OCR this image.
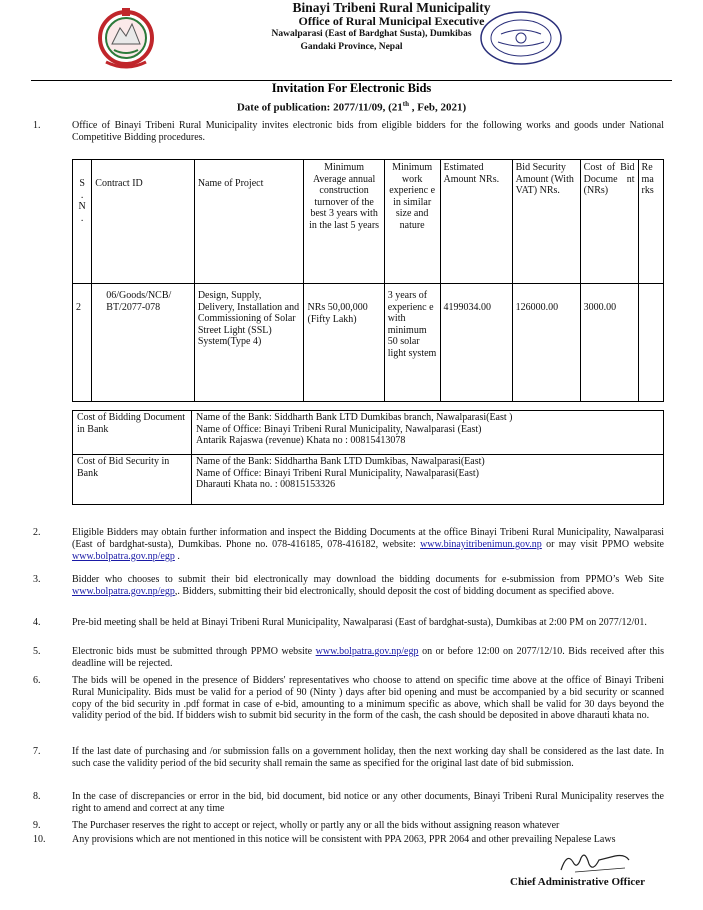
Binayi Tribeni Rural Municipality
Office of Rural Municipal Executive
Nawalparasi (East of Bardghat Susta), Dumkibas
Gandaki Province, Nepal
Invitation For Electronic Bids
Date of publication: 2077/11/09, (21th , Feb, 2021)
1.	Office of Binayi Tribeni Rural Municipality invites electronic bids from eligible bidders for the following works and goods under National Competitive Bidding procedures.
S
.
N
.	Contract ID	Name of Project	Minimum Average annual construction turnover of the best 3 years with in the last 5 years	Minimum work experienc e in similar size and nature	Estimated Amount NRs.	Bid Security Amount (With VAT) NRs.	Cost of Bid Docume nt (NRs)	Re ma rks
2	06/Goods/NCB/ BT/2077-078	Design, Supply, Delivery, Installation and Commissioning of Solar Street Light (SSL) System(Type 4)	NRs 50,00,000 (Fifty Lakh)	3 years of experienc e with minimum 50 solar light system	4199034.00	126000.00	3000.00	
Cost of Bidding Document in Bank	Name of the Bank: Siddharth Bank LTD Dumkibas branch, Nawalparasi(East )
Name of Office: Binayi Tribeni Rural Municipality, Nawalparasi (East)
Antarik Rajaswa (revenue) Khata no : 00815413078

Cost of Bid Security in Bank	Name of the Bank: Siddhartha Bank LTD Dumkibas, Nawalparasi(East)
Name of Office: Binayi Tribeni Rural Municipality, Nawalparasi(East)
Dharauti Khata no. : 00815153326
2.	Eligible Bidders may obtain further information and inspect the Bidding Documents at the office Binayi Tribeni Rural Municipality, Nawalparasi (East of bardghat-susta), Dumkibas. Phone no. 078-416185, 078-416182, website: www.binayitribenimun.gov.np or may visit PPMO website www.bolpatra.gov.np/egp .
3.	Bidder who chooses to submit their bid electronically may download the bidding documents for e-submission from PPMO’s Web Site www.bolpatra.gov.np/egp,. Bidders, submitting their bid electronically, should deposit the cost of bidding document as specified above.
4.	Pre-bid meeting shall be held at Binayi Tribeni Rural Municipality, Nawalparasi (East of bardghat-susta), Dumkibas at 2:00 PM on 2077/12/01.
5.	Electronic bids must be submitted through PPMO website www.bolpatra.gov.np/egp on or before 12:00 on 2077/12/10. Bids received after this deadline will be rejected.
6.	The bids will be opened in the presence of Bidders' representatives who choose to attend on specific time above at the office of Binayi Tribeni Rural Municipality. Bids must be valid for a period of 90 (Ninty ) days after bid opening and must be accompanied by a bid security or scanned copy of the bid security in .pdf format in case of e-bid, amounting to a minimum specific as above, which shall be valid for 30 days beyond the validity period of the bid. If bidders wish to submit bid security in the form of the cash, the cash should be deposited in above dharauti khata no.
7.	If the last date of purchasing and /or submission falls on a government holiday, then the next working day shall be considered as the last date. In such case the validity period of the bid security shall remain the same as specified for the original last date of bid submission.
8.	In the case of discrepancies or error in the bid, bid document, bid notice or any other documents, Binayi Tribeni Rural Municipality reserves the right to amend and correct at any time
9.	The Purchaser reserves the right to accept or reject, wholly or partly any or all the bids without assigning reason whatever
10.	Any provisions which are not mentioned in this notice will be consistent with PPA 2063, PPR 2064 and other prevailing Nepalese Laws
Chief Administrative Officer
